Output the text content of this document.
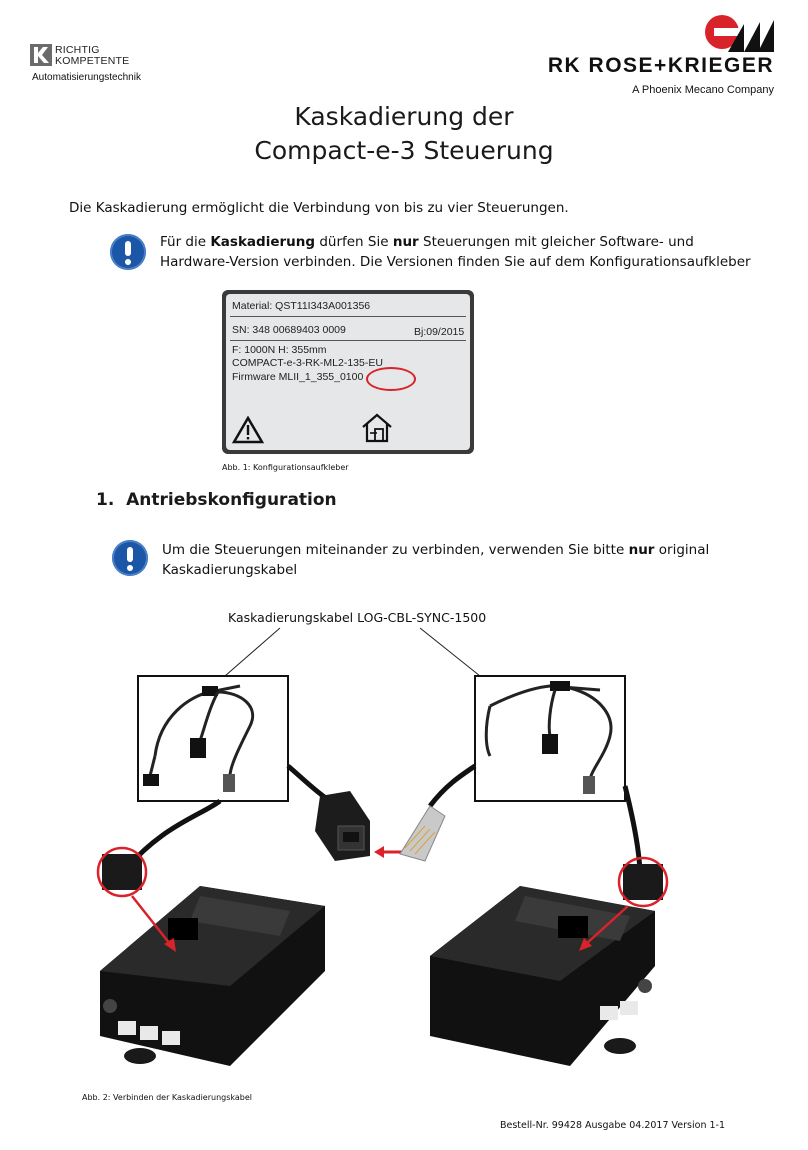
RICHTIG
KOMPETENTE
Automatisierungstechnik
RK ROSE+KRIEGER
A Phoenix Mecano Company
Kaskadierung der
Compact-e-3 Steuerung
Die Kaskadierung ermöglicht die Verbindung von bis zu vier Steuerungen.
Für die Kaskadierung dürfen Sie nur Steuerungen mit gleicher Software- und
Hardware-Version verbinden. Die Versionen finden Sie auf dem Konfigurationsaufkleber
Material: QST11I343A001356
SN: 348 00689403 0009	Bj:09/2015
F: 1000N H: 355mm
COMPACT-e-3-RK-ML2-135-EU
Firmware MLII_1_355_0100
Abb. 1: Konfigurationsaufkleber
1. Antriebskonfiguration
Um die Steuerungen miteinander zu verbinden, verwenden Sie bitte nur original
Kaskadierungskabel
Kaskadierungskabel LOG-CBL-SYNC-1500
Abb. 2: Verbinden der Kaskadierungskabel
Bestell-Nr. 99428 Ausgabe 04.2017 Version 1-1
